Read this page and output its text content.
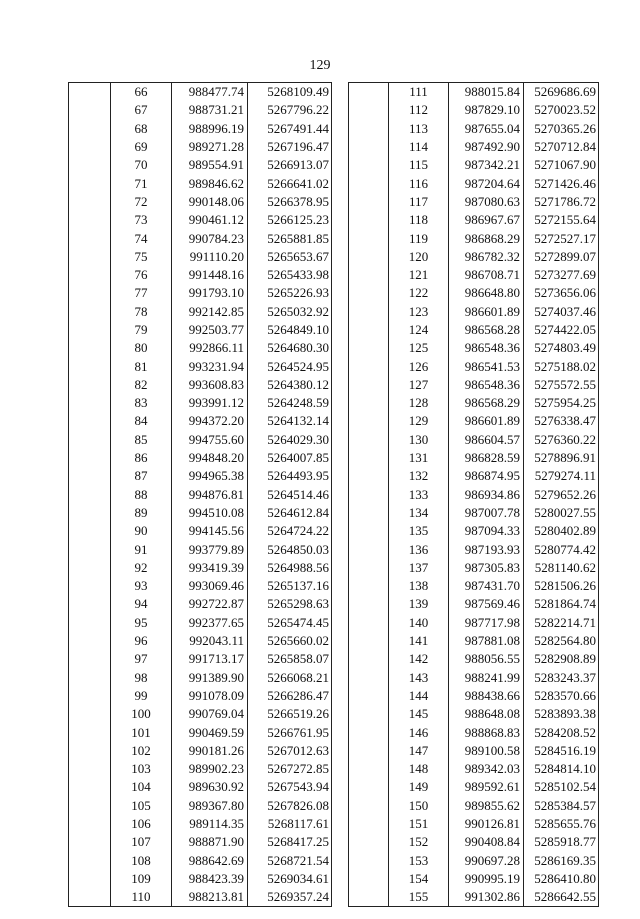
129
	66	988477.74	5268109.49
	67	988731.21	5267796.22
	68	988996.19	5267491.44
	69	989271.28	5267196.47
	70	989554.91	5266913.07
	71	989846.62	5266641.02
	72	990148.06	5266378.95
	73	990461.12	5266125.23
	74	990784.23	5265881.85
	75	991110.20	5265653.67
	76	991448.16	5265433.98
	77	991793.10	5265226.93
	78	992142.85	5265032.92
	79	992503.77	5264849.10
	80	992866.11	5264680.30
	81	993231.94	5264524.95
	82	993608.83	5264380.12
	83	993991.12	5264248.59
	84	994372.20	5264132.14
	85	994755.60	5264029.30
	86	994848.20	5264007.85
	87	994965.38	5264493.95
	88	994876.81	5264514.46
	89	994510.08	5264612.84
	90	994145.56	5264724.22
	91	993779.89	5264850.03
	92	993419.39	5264988.56
	93	993069.46	5265137.16
	94	992722.87	5265298.63
	95	992377.65	5265474.45
	96	992043.11	5265660.02
	97	991713.17	5265858.07
	98	991389.90	5266068.21
	99	991078.09	5266286.47
	100	990769.04	5266519.26
	101	990469.59	5266761.95
	102	990181.26	5267012.63
	103	989902.23	5267272.85
	104	989630.92	5267543.94
	105	989367.80	5267826.08
	106	989114.35	5268117.61
	107	988871.90	5268417.25
	108	988642.69	5268721.54
	109	988423.39	5269034.61
	110	988213.81	5269357.24
	111	988015.84	5269686.69
	112	987829.10	5270023.52
	113	987655.04	5270365.26
	114	987492.90	5270712.84
	115	987342.21	5271067.90
	116	987204.64	5271426.46
	117	987080.63	5271786.72
	118	986967.67	5272155.64
	119	986868.29	5272527.17
	120	986782.32	5272899.07
	121	986708.71	5273277.69
	122	986648.80	5273656.06
	123	986601.89	5274037.46
	124	986568.28	5274422.05
	125	986548.36	5274803.49
	126	986541.53	5275188.02
	127	986548.36	5275572.55
	128	986568.29	5275954.25
	129	986601.89	5276338.47
	130	986604.57	5276360.22
	131	986828.59	5278896.91
	132	986874.95	5279274.11
	133	986934.86	5279652.26
	134	987007.78	5280027.55
	135	987094.33	5280402.89
	136	987193.93	5280774.42
	137	987305.83	5281140.62
	138	987431.70	5281506.26
	139	987569.46	5281864.74
	140	987717.98	5282214.71
	141	987881.08	5282564.80
	142	988056.55	5282908.89
	143	988241.99	5283243.37
	144	988438.66	5283570.66
	145	988648.08	5283893.38
	146	988868.83	5284208.52
	147	989100.58	5284516.19
	148	989342.03	5284814.10
	149	989592.61	5285102.54
	150	989855.62	5285384.57
	151	990126.81	5285655.76
	152	990408.84	5285918.77
	153	990697.28	5286169.35
	154	990995.19	5286410.80
	155	991302.86	5286642.55
